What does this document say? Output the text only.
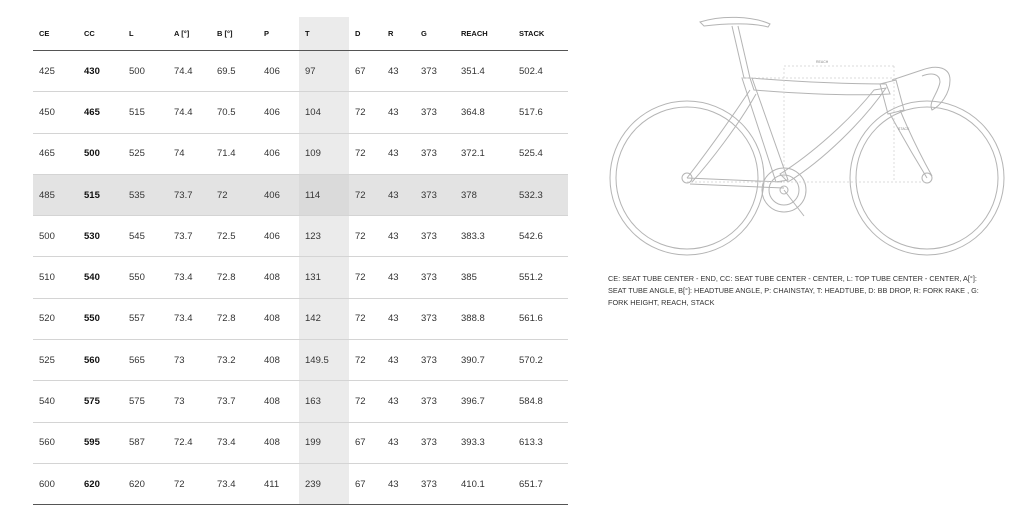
CE	CC	L	A [°]	B [°]	P	T	D	R	G	REACH	STACK
425	430	500	74.4	69.5	406	97	67	43	373	351.4	502.4
450	465	515	74.4	70.5	406	104	72	43	373	364.8	517.6
465	500	525	74	71.4	406	109	72	43	373	372.1	525.4
485	515	535	73.7	72	406	114	72	43	373	378	532.3
500	530	545	73.7	72.5	406	123	72	43	373	383.3	542.6
510	540	550	73.4	72.8	408	131	72	43	373	385	551.2
520	550	557	73.4	72.8	408	142	72	43	373	388.8	561.6
525	560	565	73	73.2	408	149.5	72	43	373	390.7	570.2
540	575	575	73	73.7	408	163	72	43	373	396.7	584.8
560	595	587	72.4	73.4	408	199	67	43	373	393.3	613.3
600	620	620	72	73.4	411	239	67	43	373	410.1	651.7
REACH
STACK

CE: SEAT TUBE CENTER - END, CC: SEAT TUBE CENTER - CENTER, L: TOP TUBE CENTER - CENTER, A[°]: SEAT TUBE ANGLE, B[°]: HEADTUBE ANGLE, P: CHAINSTAY, T: HEADTUBE, D: BB DROP, R: FORK RAKE , G: FORK HEIGHT, REACH, STACK
